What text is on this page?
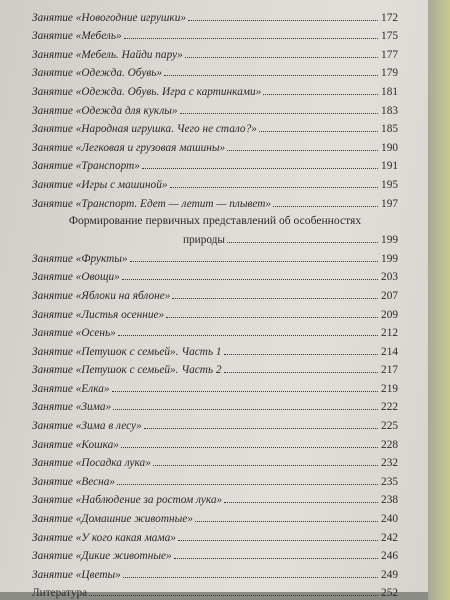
Занятие «Новогодние игрушки»	172
Занятие «Мебель»	175
Занятие «Мебель. Найди пару»	177
Занятие «Одежда. Обувь»	179
Занятие «Одежда. Обувь. Игра с картинками»	181
Занятие «Одежда для куклы»	183
Занятие «Народная игрушка. Чего не стало?»	185
Занятие «Легковая и грузовая машины»	190
Занятие «Транспорт»	191
Занятие «Игры с машиной»	195
Занятие «Транспорт. Едет — летит — плывет»	197
Формирование первичных представлений об особенностях
природы	199
Занятие «Фрукты»	199
Занятие «Овощи»	203
Занятие «Яблоки на яблоне»	207
Занятие «Листья осенние»	209
Занятие «Осень»	212
Занятие «Петушок с семьей». Часть 1	214
Занятие «Петушок с семьей». Часть 2	217
Занятие «Елка»	219
Занятие «Зима»	222
Занятие «Зима в лесу»	225
Занятие «Кошка»	228
Занятие «Посадка лука»	232
Занятие «Весна»	235
Занятие «Наблюдение за ростом лука»	238
Занятие «Домашние животные»	240
Занятие «У кого какая мама»	242
Занятие «Дикие животные»	246
Занятие «Цветы»	249
Литература	252
